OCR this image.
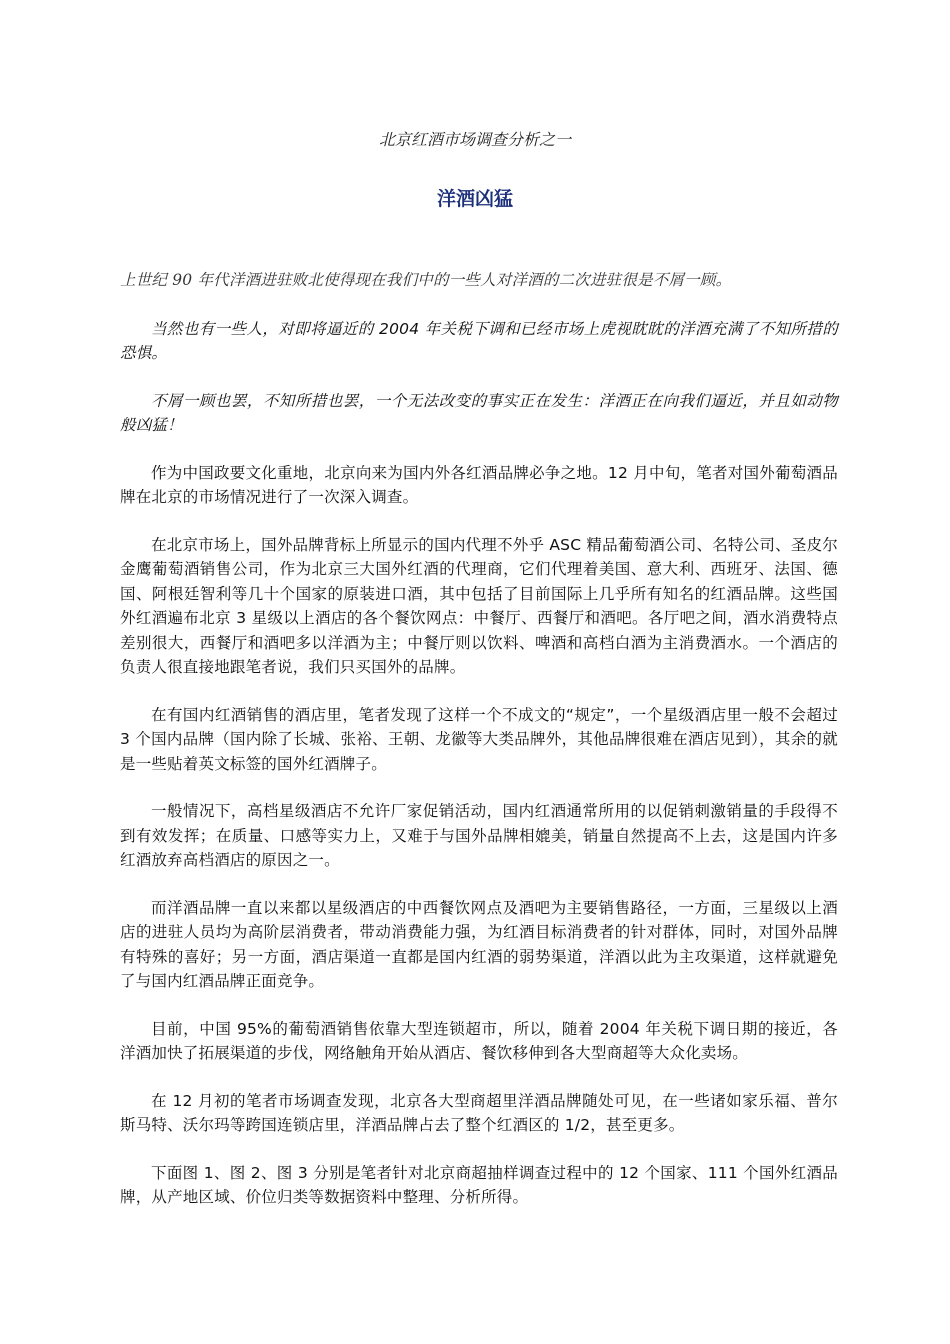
北京红酒市场调查分析之一
洋酒凶猛

上世纪 90 年代洋酒进驻败北使得现在我们中的一些人对洋酒的二次进驻很是不屑一顾。

当然也有一些人，对即将逼近的 2004 年关税下调和已经市场上虎视眈眈的洋酒充满了不知所措的恐惧。

不屑一顾也罢，不知所措也罢，一个无法改变的事实正在发生：洋酒正在向我们逼近，并且如动物般凶猛！

作为中国政要文化重地，北京向来为国内外各红酒品牌必争之地。12 月中旬，笔者对国外葡萄酒品牌在北京的市场情况进行了一次深入调查。

在北京市场上，国外品牌背标上所显示的国内代理不外乎 ASC 精品葡萄酒公司、名特公司、圣皮尔金鹰葡萄酒销售公司，作为北京三大国外红酒的代理商，它们代理着美国、意大利、西班牙、法国、德国、阿根廷智利等几十个国家的原装进口酒，其中包括了目前国际上几乎所有知名的红酒品牌。这些国外红酒遍布北京 3 星级以上酒店的各个餐饮网点：中餐厅、西餐厅和酒吧。各厅吧之间，酒水消费特点差别很大，西餐厅和酒吧多以洋酒为主；中餐厅则以饮料、啤酒和高档白酒为主消费酒水。一个酒店的负责人很直接地跟笔者说，我们只买国外的品牌。

在有国内红酒销售的酒店里，笔者发现了这样一个不成文的“规定”，一个星级酒店里一般不会超过 3 个国内品牌（国内除了长城、张裕、王朝、龙徽等大类品牌外，其他品牌很难在酒店见到），其余的就是一些贴着英文标签的国外红酒牌子。

一般情况下，高档星级酒店不允许厂家促销活动，国内红酒通常所用的以促销刺激销量的手段得不到有效发挥；在质量、口感等实力上，又难于与国外品牌相媲美，销量自然提高不上去，这是国内许多红酒放弃高档酒店的原因之一。

而洋酒品牌一直以来都以星级酒店的中西餐饮网点及酒吧为主要销售路径，一方面，三星级以上酒店的进驻人员均为高阶层消费者，带动消费能力强，为红酒目标消费者的针对群体，同时，对国外品牌有特殊的喜好；另一方面，酒店渠道一直都是国内红酒的弱势渠道，洋酒以此为主攻渠道，这样就避免了与国内红酒品牌正面竞争。

目前，中国 95%的葡萄酒销售依靠大型连锁超市，所以，随着 2004 年关税下调日期的接近，各洋酒加快了拓展渠道的步伐，网络触角开始从酒店、餐饮移伸到各大型商超等大众化卖场。

在 12 月初的笔者市场调查发现，北京各大型商超里洋酒品牌随处可见，在一些诸如家乐福、普尔斯马特、沃尔玛等跨国连锁店里，洋酒品牌占去了整个红酒区的 1/2，甚至更多。

下面图 1、图 2、图 3 分别是笔者针对北京商超抽样调查过程中的 12 个国家、111 个国外红酒品牌，从产地区域、价位归类等数据资料中整理、分析所得。
